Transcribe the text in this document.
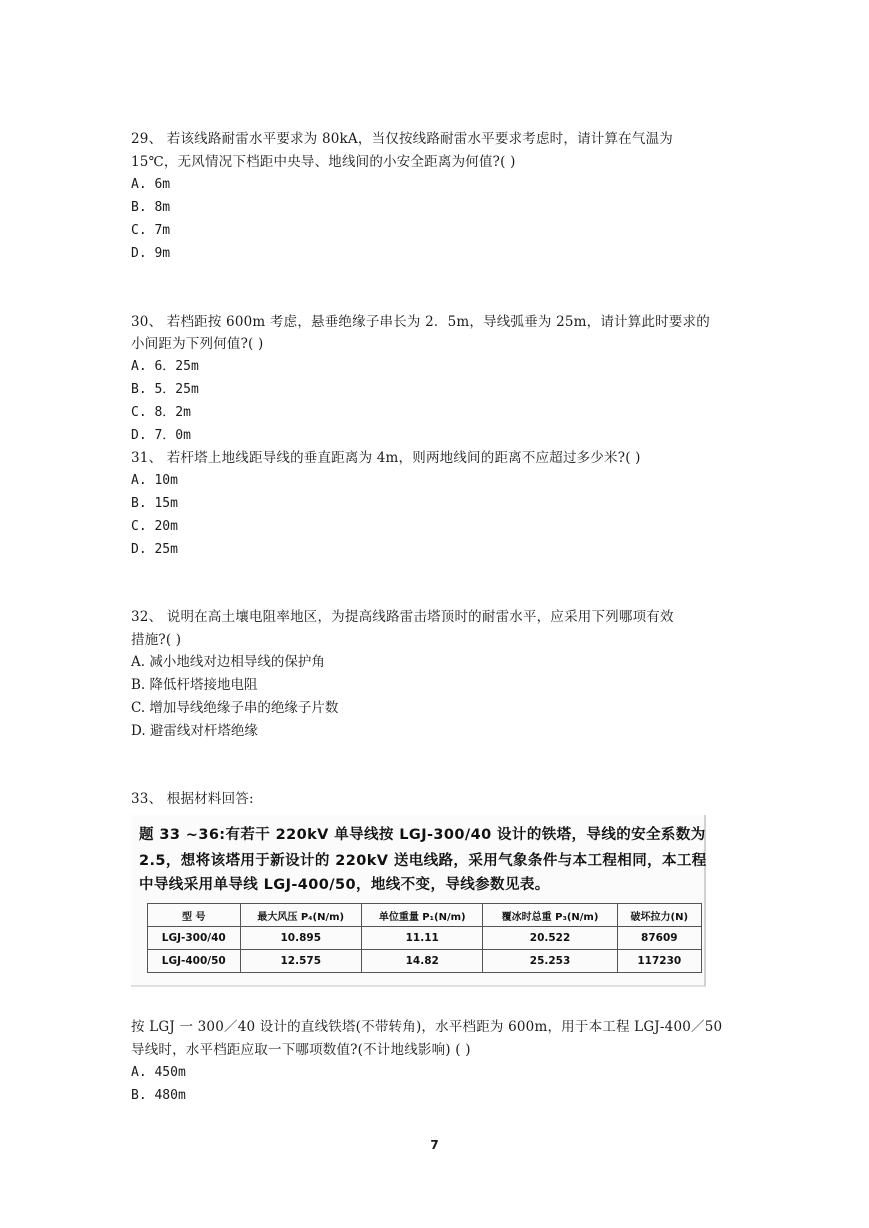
29、 若该线路耐雷水平要求为 80kA，当仅按线路耐雷水平要求考虑时，请计算在气温为
15℃，无风情况下档距中央导、地线间的小安全距离为何值?( )
A. 6m
B. 8m
C. 7m
D. 9m
30、 若档距按 600m 考虑，悬垂绝缘子串长为 2．5m，导线弧垂为 25m，请计算此时要求的
小间距为下列何值?( )
A. 6．25m
B. 5．25m
C. 8．2m
D. 7．0m
31、 若杆塔上地线距导线的垂直距离为 4m，则两地线间的距离不应超过多少米?( )
A. 10m
B. 15m
C. 20m
D. 25m
32、 说明在高土壤电阻率地区，为提高线路雷击塔顶时的耐雷水平，应采用下列哪项有效
措施?( )
A. 减小地线对边相导线的保护角
B. 降低杆塔接地电阻
C. 增加导线绝缘子串的绝缘子片数
D. 避雷线对杆塔绝缘
33、 根据材料回答:
题 33 ~36:有若干 220kV 单导线按 LGJ-300/40 设计的铁塔，导线的安全系数为
2.5，想将该塔用于新设计的 220kV 送电线路，采用气象条件与本工程相同，本工程
中导线采用单导线 LGJ-400/50，地线不变，导线参数见表。
型 号	最大风压 P₄(N/m)	单位重量 P₁(N/m)	覆冰时总重 P₃(N/m)	破坏拉力(N)
LGJ-300/40	10.895	11.11	20.522	87609
LGJ-400/50	12.575	14.82	25.253	117230
按 LGJ 一 300／40 设计的直线铁塔(不带转角)，水平档距为 600m，用于本工程 LGJ-400／50
导线时，水平档距应取一下哪项数值?(不计地线影响) ( )
A. 450m
B. 480m
7
